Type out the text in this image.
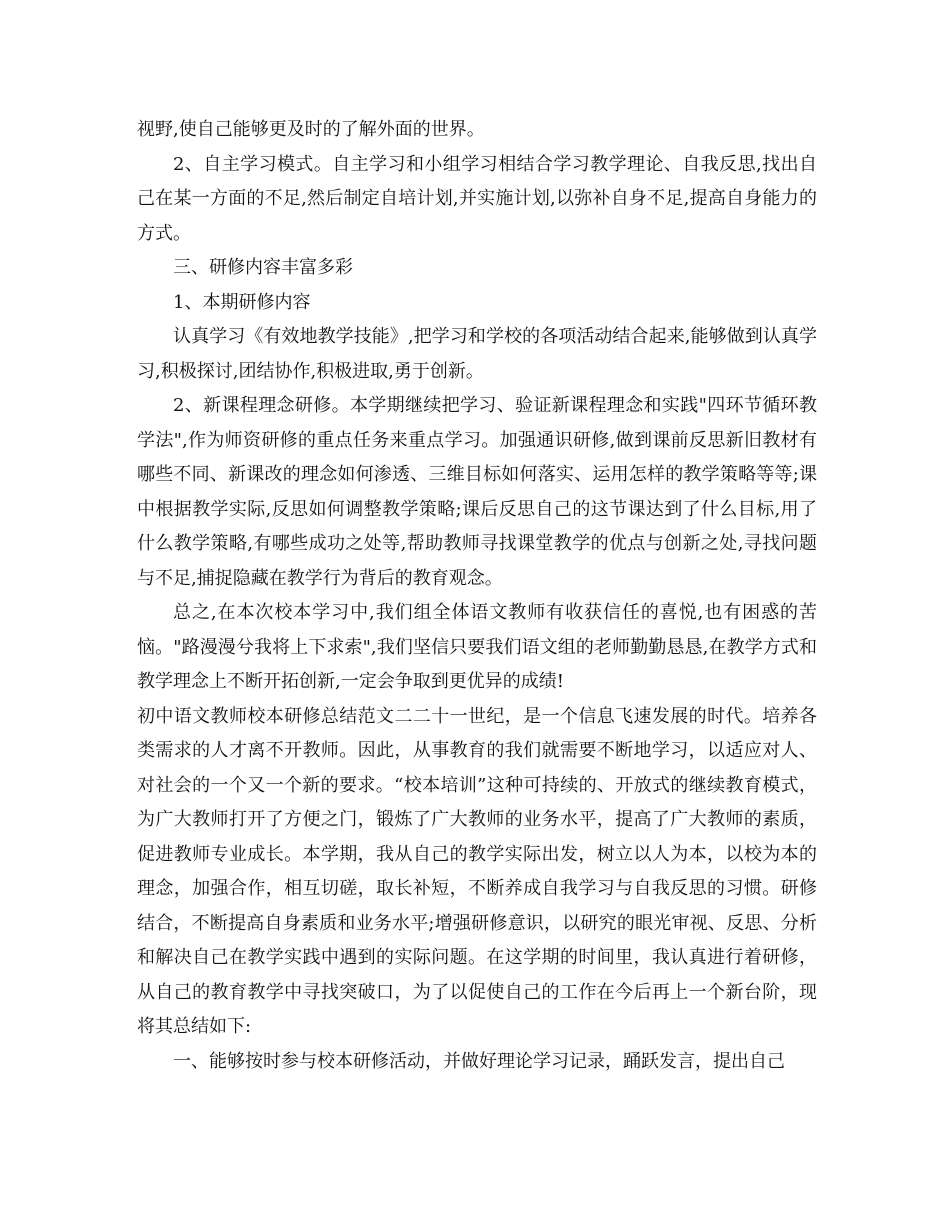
视野,使自己能够更及时的了解外面的世界。

2、自主学习模式。自主学习和小组学习相结合学习教学理论、自我反思,找出自己在某一方面的不足,然后制定自培计划,并实施计划,以弥补自身不足,提高自身能力的方式。

三、研修内容丰富多彩

1、本期研修内容

认真学习《有效地教学技能》,把学习和学校的各项活动结合起来,能够做到认真学习,积极探讨,团结协作,积极进取,勇于创新。

2、新课程理念研修。本学期继续把学习、验证新课程理念和实践"四环节循环教学法",作为师资研修的重点任务来重点学习。加强通识研修,做到课前反思新旧教材有哪些不同、新课改的理念如何渗透、三维目标如何落实、运用怎样的教学策略等等;课中根据教学实际,反思如何调整教学策略;课后反思自己的这节课达到了什么目标,用了什么教学策略,有哪些成功之处等,帮助教师寻找课堂教学的优点与创新之处,寻找问题与不足,捕捉隐藏在教学行为背后的教育观念。

总之,在本次校本学习中,我们组全体语文教师有收获信任的喜悦,也有困惑的苦恼。"路漫漫兮我将上下求索",我们坚信只要我们语文组的老师勤勤恳恳,在教学方式和教学理念上不断开拓创新,一定会争取到更优异的成绩!

初中语文教师校本研修总结范文二二十一世纪，是一个信息飞速发展的时代。培养各类需求的人才离不开教师。因此，从事教育的我们就需要不断地学习，以适应对人、对社会的一个又一个新的要求。“校本培训”这种可持续的、开放式的继续教育模式，为广大教师打开了方便之门，锻炼了广大教师的业务水平，提高了广大教师的素质，促进教师专业成长。本学期，我从自己的教学实际出发，树立以人为本，以校为本的理念，加强合作，相互切磋，取长补短，不断养成自我学习与自我反思的习惯。研修结合，不断提高自身素质和业务水平;增强研修意识，以研究的眼光审视、反思、分析和解决自己在教学实践中遇到的实际问题。在这学期的时间里，我认真进行着研修，从自己的教育教学中寻找突破口，为了以促使自己的工作在今后再上一个新台阶，现将其总结如下:

一、能够按时参与校本研修活动，并做好理论学习记录，踊跃发言，提出自己
